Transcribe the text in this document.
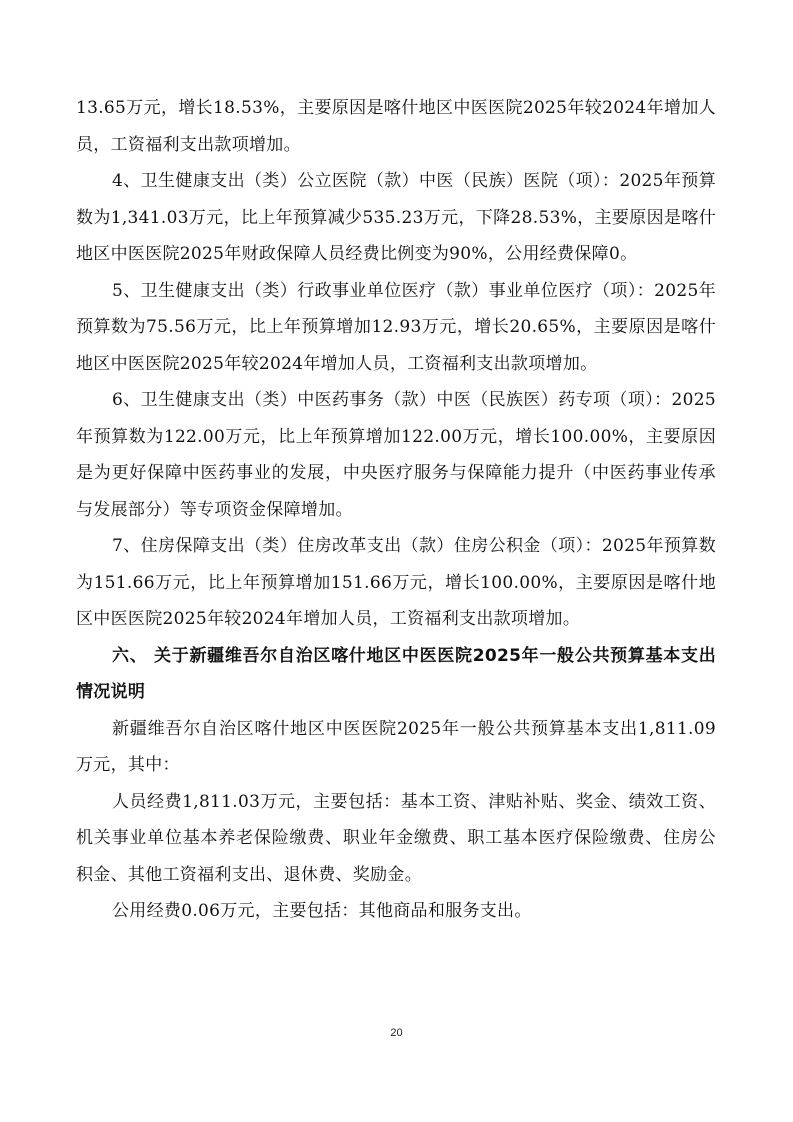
13.65万元，增长18.53%，主要原因是喀什地区中医医院2025年较2024年增加人员，工资福利支出款项增加。

4、卫生健康支出（类）公立医院（款）中医（民族）医院（项）：2025年预算数为1,341.03万元，比上年预算减少535.23万元，下降28.53%，主要原因是喀什地区中医医院2025年财政保障人员经费比例变为90%，公用经费保障0。

5、卫生健康支出（类）行政事业单位医疗（款）事业单位医疗（项）：2025年预算数为75.56万元，比上年预算增加12.93万元，增长20.65%，主要原因是喀什地区中医医院2025年较2024年增加人员，工资福利支出款项增加。

6、卫生健康支出（类）中医药事务（款）中医（民族医）药专项（项）：2025年预算数为122.00万元，比上年预算增加122.00万元，增长100.00%，主要原因是为更好保障中医药事业的发展，中央医疗服务与保障能力提升（中医药事业传承与发展部分）等专项资金保障增加。

7、住房保障支出（类）住房改革支出（款）住房公积金（项）：2025年预算数为151.66万元，比上年预算增加151.66万元，增长100.00%，主要原因是喀什地区中医医院2025年较2024年增加人员，工资福利支出款项增加。

六、 关于新疆维吾尔自治区喀什地区中医医院2025年一般公共预算基本支出情况说明

新疆维吾尔自治区喀什地区中医医院2025年一般公共预算基本支出1,811.09万元，其中：

人员经费1,811.03万元，主要包括：基本工资、津贴补贴、奖金、绩效工资、机关事业单位基本养老保险缴费、职业年金缴费、职工基本医疗保险缴费、住房公积金、其他工资福利支出、退休费、奖励金。

公用经费0.06万元，主要包括：其他商品和服务支出。

20
